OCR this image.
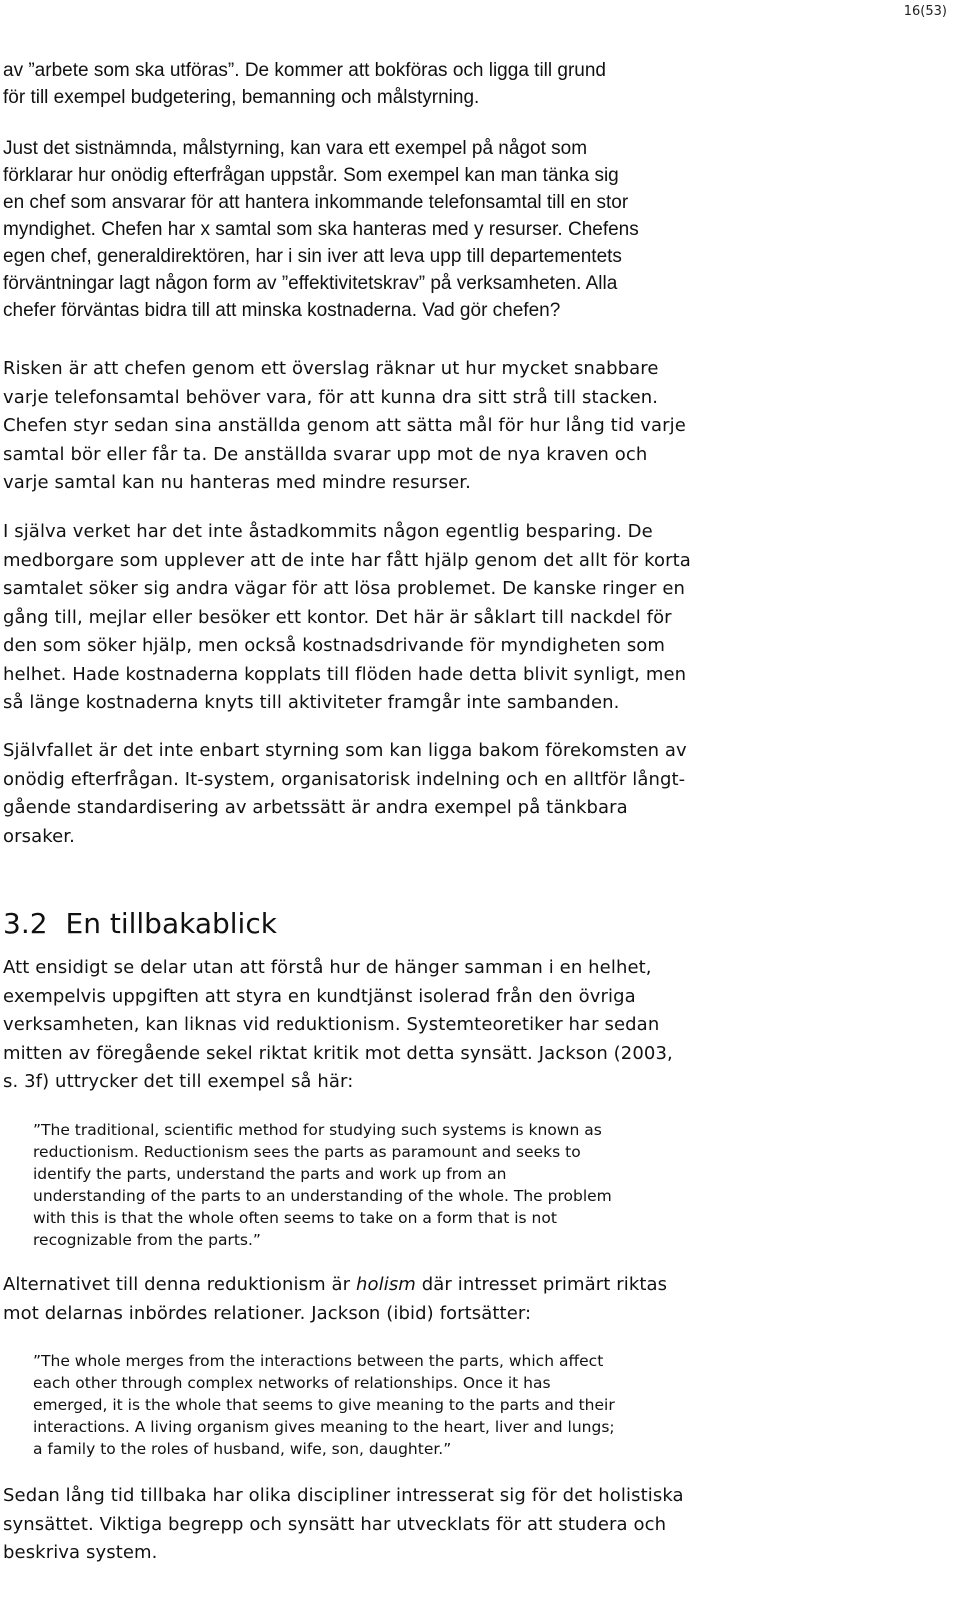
16(53)

av ”arbete som ska utföras”. De kommer att bokföras och ligga till grund
för till exempel budgetering, bemanning och målstyrning.

Just det sistnämnda, målstyrning, kan vara ett exempel på något som
förklarar hur onödig efterfrågan uppstår. Som exempel kan man tänka sig
en chef som ansvarar för att hantera inkommande telefonsamtal till en stor
myndighet. Chefen har x samtal som ska hanteras med y resurser. Chefens
egen chef, generaldirektören, har i sin iver att leva upp till departementets
förväntningar lagt någon form av ”effektivitetskrav” på verksamheten. Alla
chefer förväntas bidra till att minska kostnaderna. Vad gör chefen?

Risken är att chefen genom ett överslag räknar ut hur mycket snabbare
varje telefonsamtal behöver vara, för att kunna dra sitt strå till stacken.
Chefen styr sedan sina anställda genom att sätta mål för hur lång tid varje
samtal bör eller får ta. De anställda svarar upp mot de nya kraven och
varje samtal kan nu hanteras med mindre resurser.

I själva verket har det inte åstadkommits någon egentlig besparing. De
medborgare som upplever att de inte har fått hjälp genom det allt för korta
samtalet söker sig andra vägar för att lösa problemet. De kanske ringer en
gång till, mejlar eller besöker ett kontor. Det här är såklart till nackdel för
den som söker hjälp, men också kostnadsdrivande för myndigheten som
helhet. Hade kostnaderna kopplats till flöden hade detta blivit synligt, men
så länge kostnaderna knyts till aktiviteter framgår inte sambanden.

Självfallet är det inte enbart styrning som kan ligga bakom förekomsten av
onödig efterfrågan. It-system, organisatorisk indelning och en alltför långt-
gående standardisering av arbetssätt är andra exempel på tänkbara
orsaker.

3.2 En tillbakablick

Att ensidigt se delar utan att förstå hur de hänger samman i en helhet,
exempelvis uppgiften att styra en kundtjänst isolerad från den övriga
verksamheten, kan liknas vid reduktionism. Systemteoretiker har sedan
mitten av föregående sekel riktat kritik mot detta synsätt. Jackson (2003,
s. 3f) uttrycker det till exempel så här:

”The traditional, scientific method for studying such systems is known as
reductionism. Reductionism sees the parts as paramount and seeks to
identify the parts, understand the parts and work up from an
understanding of the parts to an understanding of the whole. The problem
with this is that the whole often seems to take on a form that is not
recognizable from the parts.”

Alternativet till denna reduktionism är holism där intresset primärt riktas
mot delarnas inbördes relationer. Jackson (ibid) fortsätter:

”The whole merges from the interactions between the parts, which affect
each other through complex networks of relationships. Once it has
emerged, it is the whole that seems to give meaning to the parts and their
interactions. A living organism gives meaning to the heart, liver and lungs;
a family to the roles of husband, wife, son, daughter.”

Sedan lång tid tillbaka har olika discipliner intresserat sig för det holistiska
synsättet. Viktiga begrepp och synsätt har utvecklats för att studera och
beskriva system.
